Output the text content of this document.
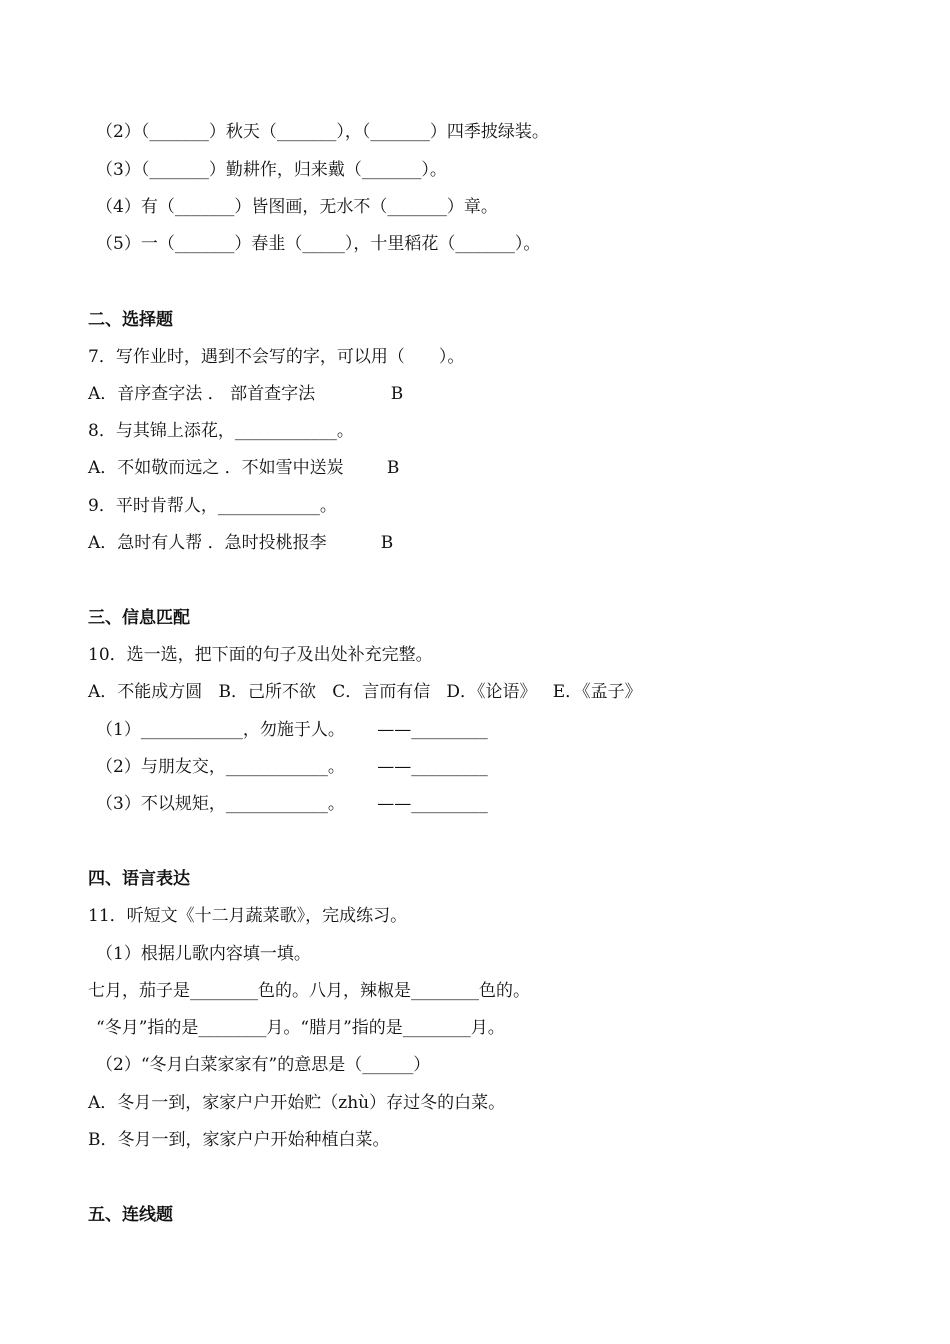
（2）（_______）秋天（_______），（_______）四季披绿装。
（3）（_______）勤耕作，归来戴（_______）。
（4）有（_______）皆图画，无水不（_______）章。
（5）一（_______）春韭（_____），十里稻花（_______）。
二、选择题
7．写作业时，遇到不会写的字，可以用（　　）。
A．音序查字法 ． 部首查字法              B
8．与其锦上添花，____________。
A．不如敬而远之 ．不如雪中送炭        B
9．平时肯帮人，____________。
A．急时有人帮 ．急时投桃报李          B
三、信息匹配
10．选一选，把下面的句子及出处补充完整。
A．不能成方圆   B．己所不欲   C．言而有信   D．《论语》   E．《孟子》
（1）____________，勿施于人。      ——_________
（2）与朋友交，____________。      ——_________
（3）不以规矩，____________。      ——_________
四、语言表达
11．听短文《十二月蔬菜歌》，完成练习。
（1）根据儿歌内容填一填。
七月，茄子是________色的。八月，辣椒是________色的。
“冬月”指的是________月。“腊月”指的是________月。
（2）“冬月白菜家家有”的意思是（______）
A．冬月一到，家家户户开始贮（zhù）存过冬的白菜。
B．冬月一到，家家户户开始种植白菜。
五、连线题
